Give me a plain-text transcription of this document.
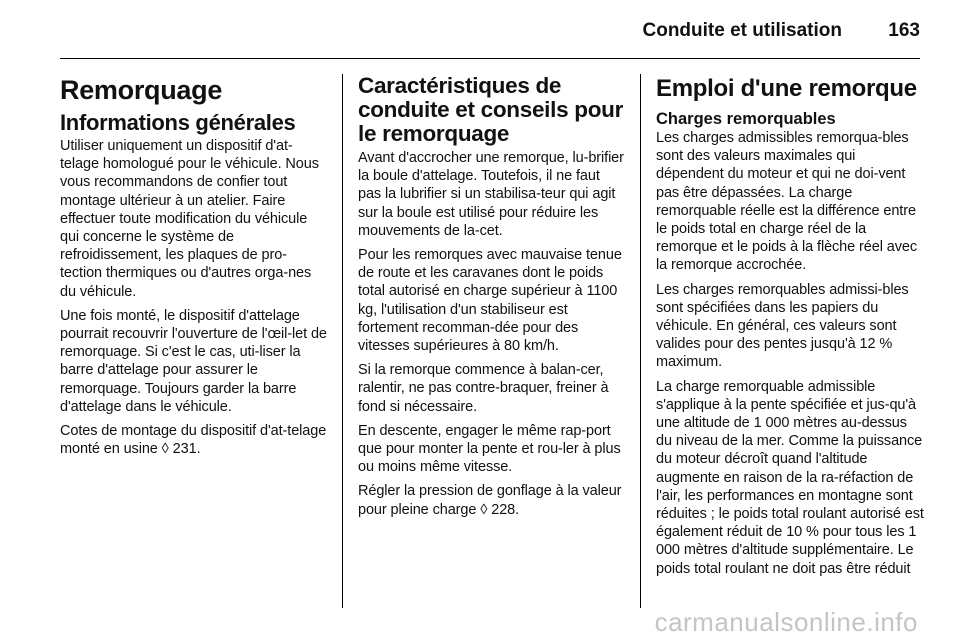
Conduite et utilisation 163
Remorquage
Informations générales

Utiliser uniquement un dispositif d'at-telage homologué pour le véhicule. Nous vous recommandons de confier tout montage ultérieur à un atelier. Faire effectuer toute modification du véhicule qui concerne le système de refroidissement, les plaques de pro-tection thermiques ou d'autres orga-nes du véhicule.

Une fois monté, le dispositif d'attelage pourrait recouvrir l'ouverture de l'œil-let de remorquage. Si c'est le cas, uti-liser la barre d'attelage pour assurer le remorquage. Toujours garder la barre d'attelage dans le véhicule.

Cotes de montage du dispositif d'at-telage monté en usine ◊ 231.

Caractéristiques de conduite et conseils pour le remorquage

Avant d'accrocher une remorque, lu-brifier la boule d'attelage. Toutefois, il ne faut pas la lubrifier si un stabilisa-teur qui agit sur la boule est utilisé pour réduire les mouvements de la-cet.

Pour les remorques avec mauvaise tenue de route et les caravanes dont le poids total autorisé en charge supérieur à 1100 kg, l'utilisation d'un stabiliseur est fortement recomman-dée pour des vitesses supérieures à 80 km/h.

Si la remorque commence à balan-cer, ralentir, ne pas contre-braquer, freiner à fond si nécessaire.

En descente, engager le même rap-port que pour monter la pente et rou-ler à plus ou moins même vitesse.

Régler la pression de gonflage à la valeur pour pleine charge ◊ 228.

Emploi d'une remorque
Charges remorquables

Les charges admissibles remorqua-bles sont des valeurs maximales qui dépendent du moteur et qui ne doi-vent pas être dépassées. La charge remorquable réelle est la différence entre le poids total en charge réel de la remorque et le poids à la flèche réel avec la remorque accrochée.

Les charges remorquables admissi-bles sont spécifiées dans les papiers du véhicule. En général, ces valeurs sont valides pour des pentes jusqu'à 12 % maximum.

La charge remorquable admissible s'applique à la pente spécifiée et jus-qu'à une altitude de 1 000 mètres au-dessus du niveau de la mer. Comme la puissance du moteur décroît quand l'altitude augmente en raison de la ra-réfaction de l'air, les performances en montagne sont réduites ; le poids total roulant autorisé est également réduit de 10 % pour tous les 1 000 mètres d'altitude supplémentaire. Le poids total roulant ne doit pas être réduit

carmanualsonline.info
